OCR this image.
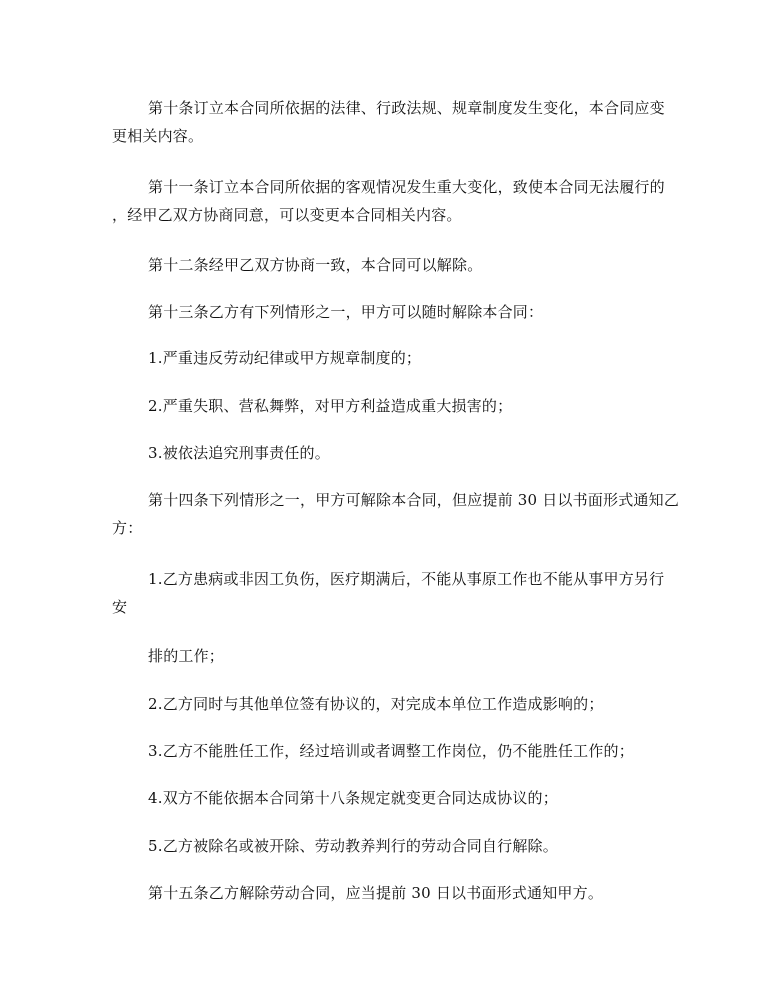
第十条订立本合同所依据的法律、行政法规、规章制度发生变化，本合同应变
更相关内容。

第十一条订立本合同所依据的客观情况发生重大变化，致使本合同无法履行的
，经甲乙双方协商同意，可以变更本合同相关内容。

第十二条经甲乙双方协商一致，本合同可以解除。

第十三条乙方有下列情形之一，甲方可以随时解除本合同：

1.严重违反劳动纪律或甲方规章制度的；

2.严重失职、营私舞弊，对甲方利益造成重大损害的；

3.被依法追究刑事责任的。

第十四条下列情形之一，甲方可解除本合同，但应提前 30 日以书面形式通知乙
方：

1.乙方患病或非因工负伤，医疗期满后，不能从事原工作也不能从事甲方另行
安

排的工作；

2.乙方同时与其他单位签有协议的，对完成本单位工作造成影响的；

3.乙方不能胜任工作，经过培训或者调整工作岗位，仍不能胜任工作的；

4.双方不能依据本合同第十八条规定就变更合同达成协议的；

5.乙方被除名或被开除、劳动教养判行的劳动合同自行解除。

第十五条乙方解除劳动合同，应当提前 30 日以书面形式通知甲方。
